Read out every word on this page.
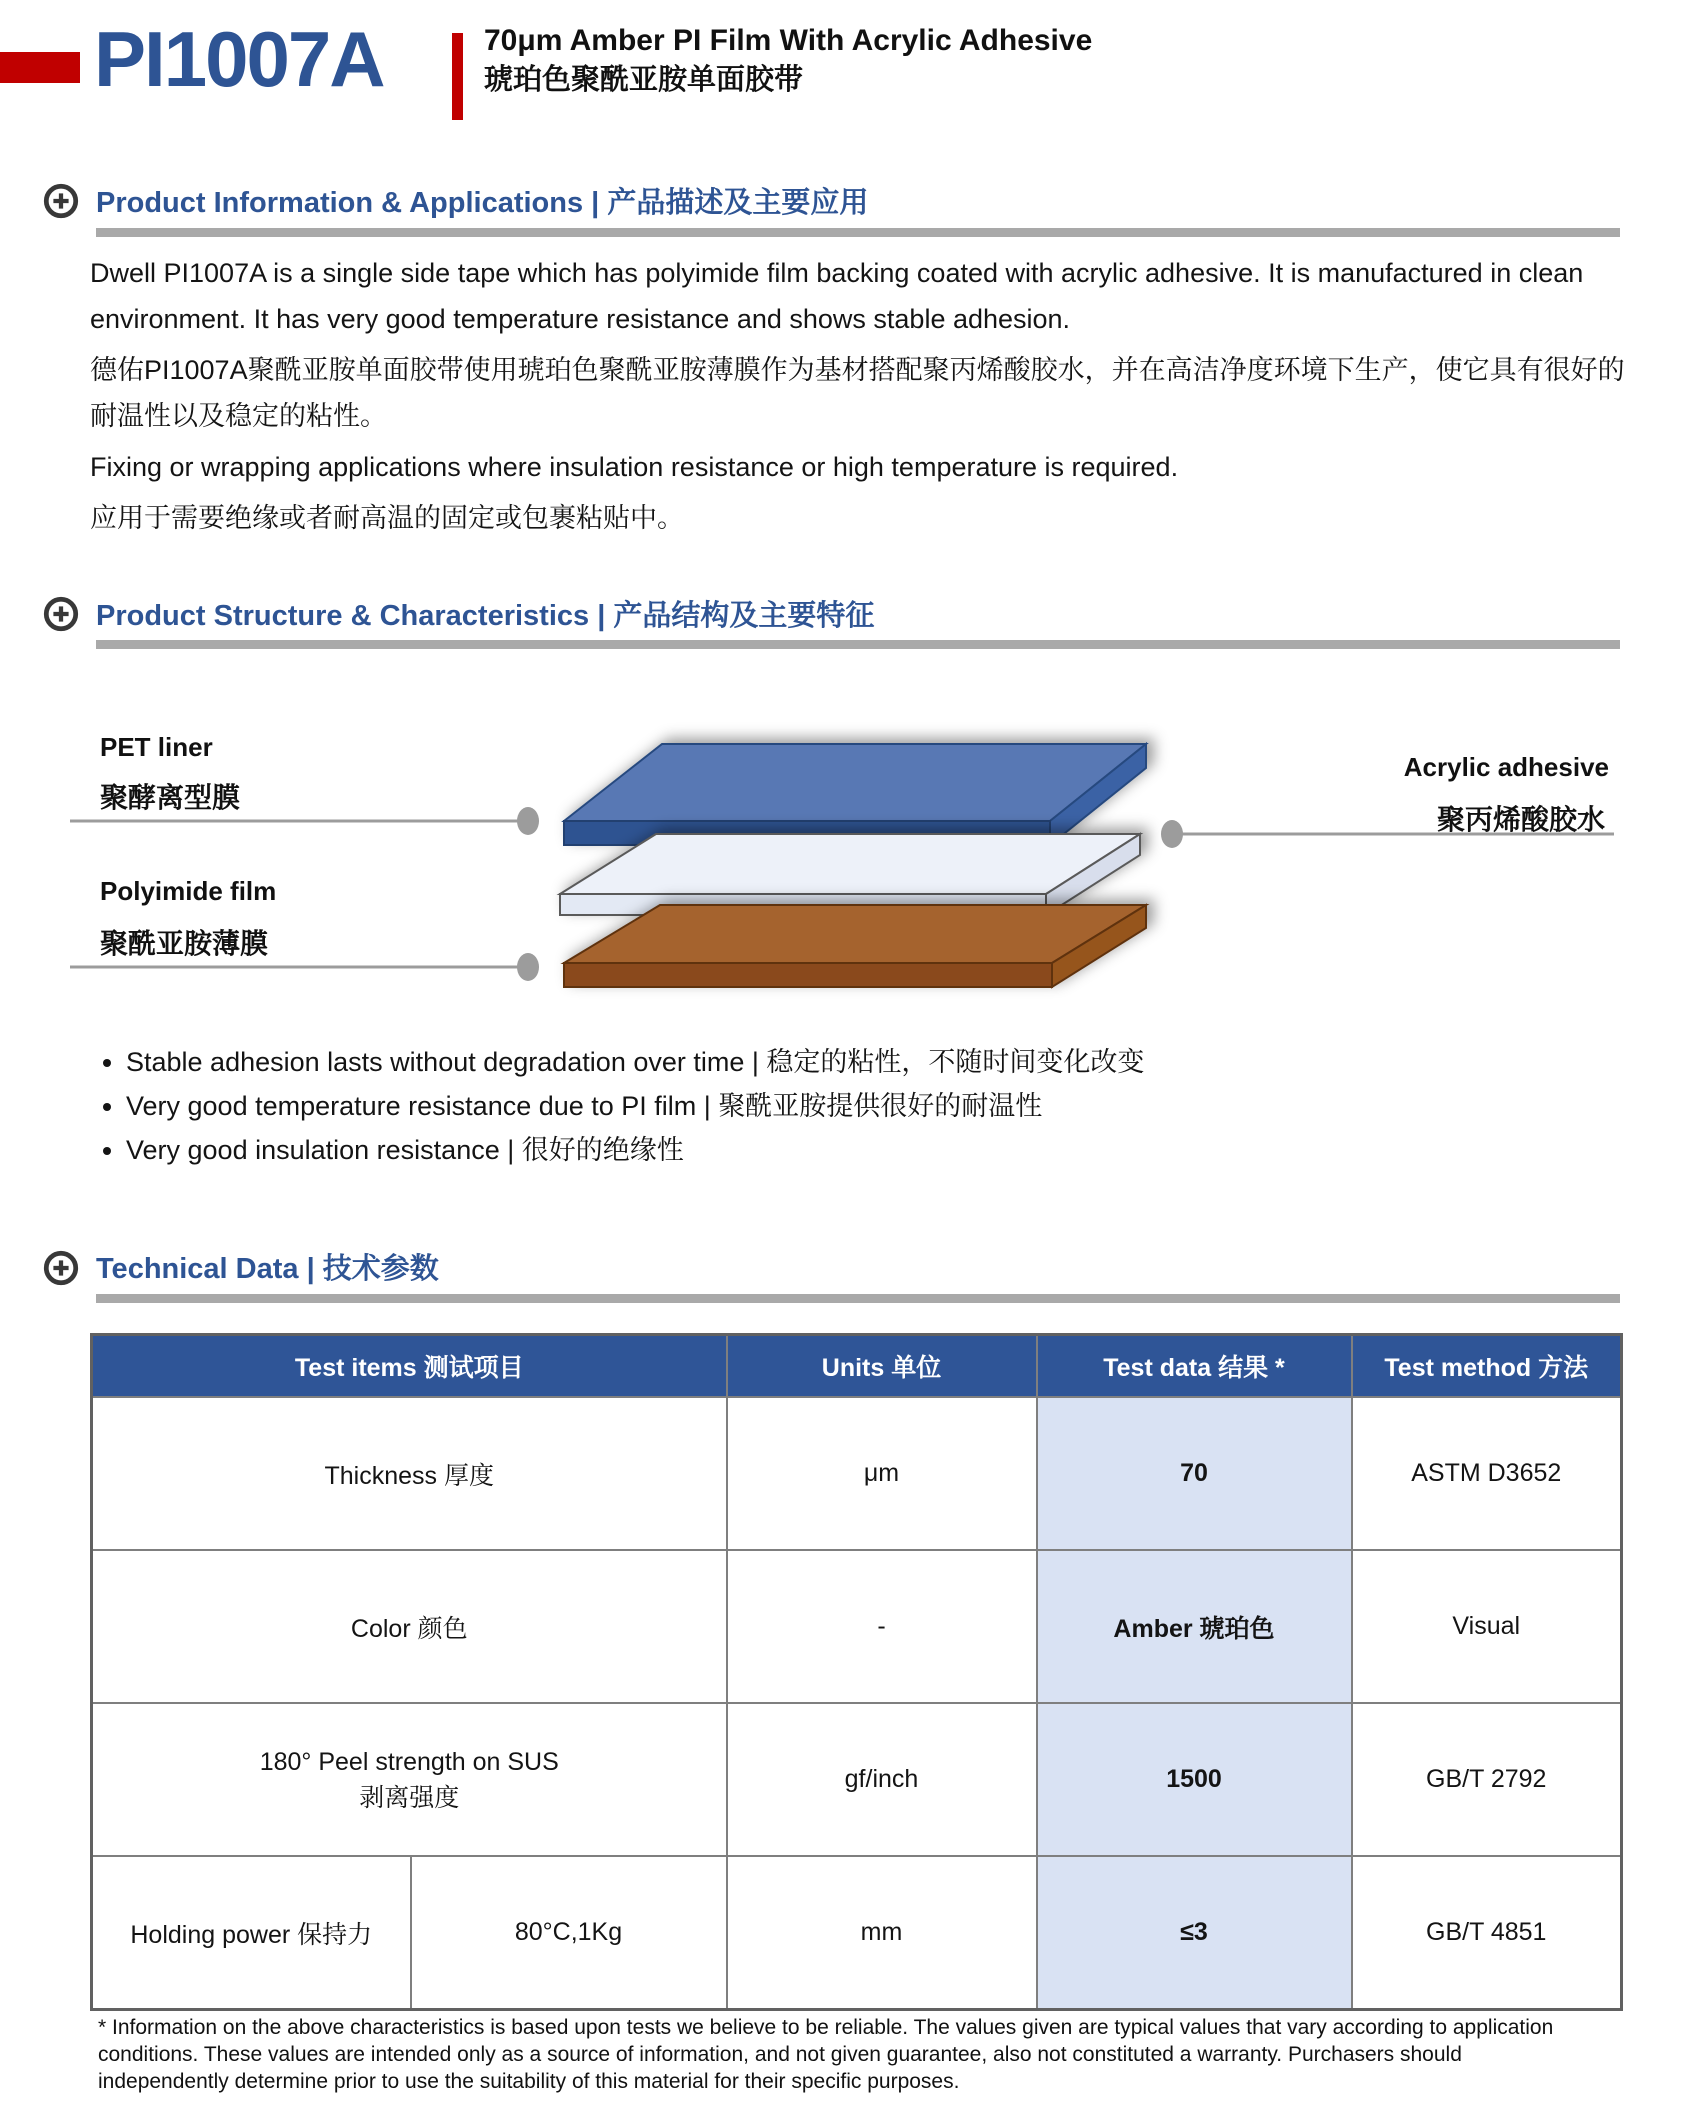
PI1007A	70μm Amber PI Film With Acrylic Adhesive
琥珀色聚酰亚胺单面胶带
Product Information & Applications | 产品描述及主要应用

Dwell PI1007A is a single side tape which has polyimide film backing coated with acrylic adhesive. It is manufactured in clean environment. It has very good temperature resistance and shows stable adhesion.

德佑PI1007A聚酰亚胺单面胶带使用琥珀色聚酰亚胺薄膜作为基材搭配聚丙烯酸胶水，并在高洁净度环境下生产，使它具有很好的耐温性以及稳定的粘性。

Fixing or wrapping applications where insulation resistance or high temperature is required.

应用于需要绝缘或者耐高温的固定或包裹粘贴中。

Product Structure & Characteristics | 产品结构及主要特征
PET liner
聚酵离型膜
Polyimide film
聚酰亚胺薄膜
Acrylic adhesive
聚丙烯酸胶水
• Stable adhesion lasts without degradation over time | 稳定的粘性，不随时间变化改变
• Very good temperature resistance due to PI film | 聚酰亚胺提供很好的耐温性
• Very good insulation resistance | 很好的绝缘性
Technical Data | 技术参数
Test items 测试项目		Units 单位	Test data 结果 *	Test method 方法
Thickness 厚度		μm	70	ASTM D3652
Color 颜色		-	Amber 琥珀色	Visual

180° Peel strength on SUS
剥离强度		gf/inch	1500	GB/T 2792
Holding power 保持力	80°C,1Kg	mm	≤3	GB/T 4851
* Information on the above characteristics is based upon tests we believe to be reliable. The values given are typical values that vary according to application conditions. These values are intended only as a source of information, and not given guarantee, also not constituted a warranty. Purchasers should independently determine prior to use the suitability of this material for their specific purposes.
